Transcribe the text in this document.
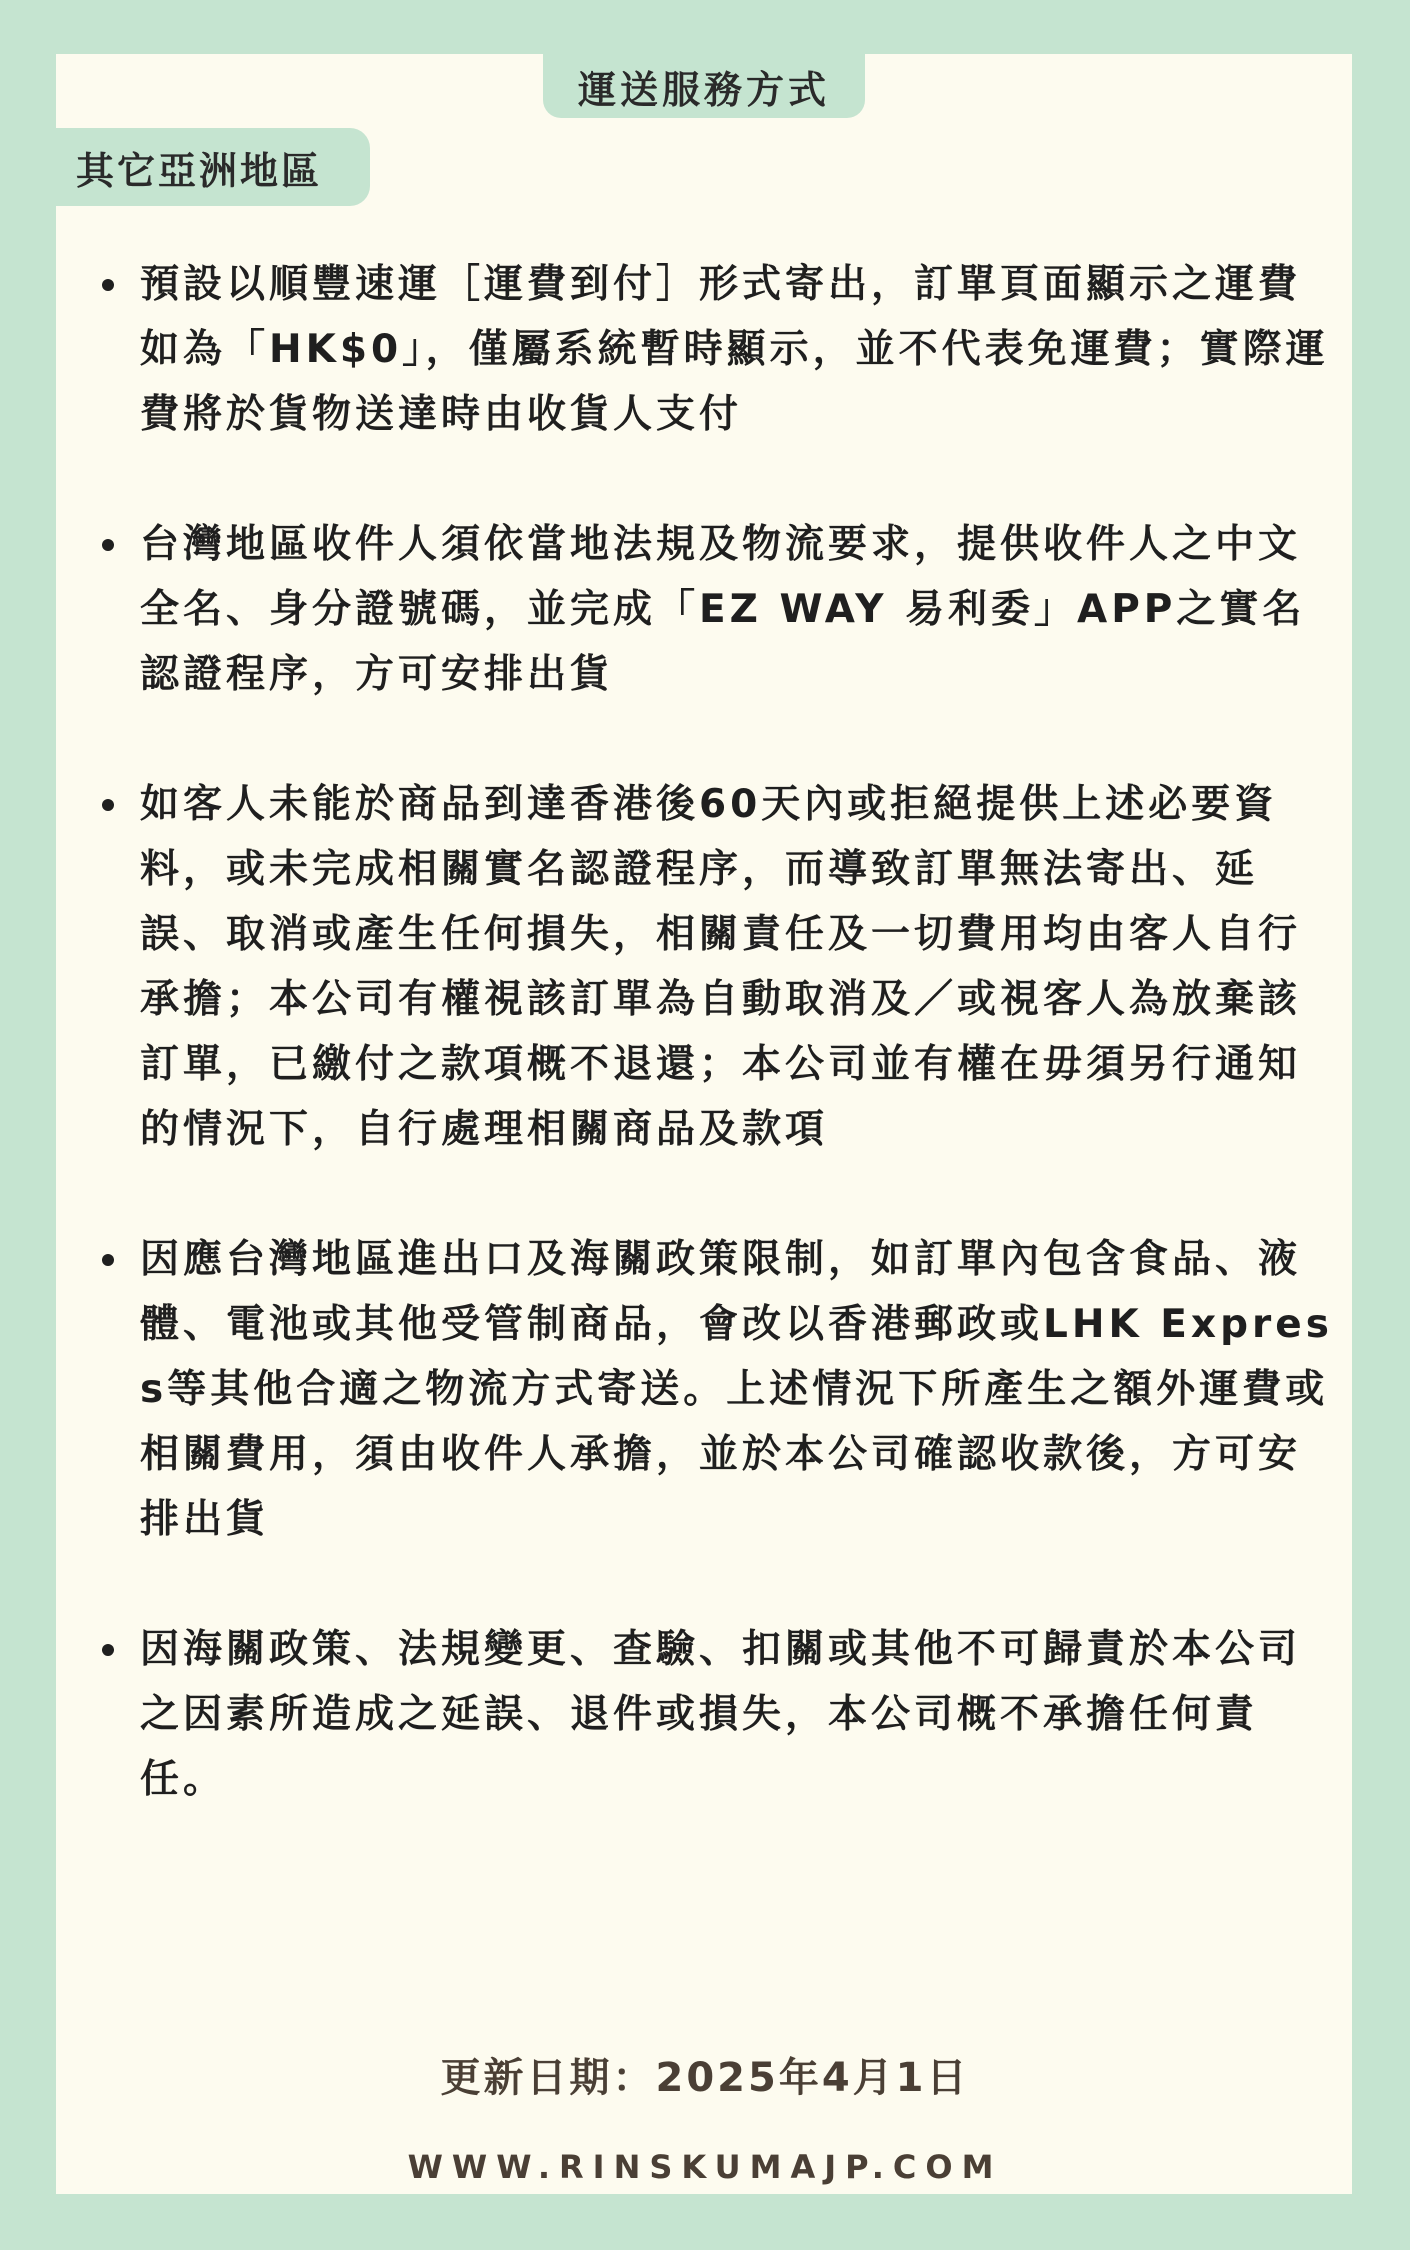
運送服務方式
其它亞洲地區
預設以順豐速運［運費到付］形式寄出，訂單頁面顯示之運費如為「HK$0」，僅屬系統暫時顯示，並不代表免運費；實際運費將於貨物送達時由收貨人支付
台灣地區收件人須依當地法規及物流要求，提供收件人之中文全名、身分證號碼，並完成「EZ WAY 易利委」APP之實名認證程序，方可安排出貨
如客人未能於商品到達香港後60天內或拒絕提供上述必要資料，或未完成相關實名認證程序，而導致訂單無法寄出、延誤、取消或產生任何損失，相關責任及一切費用均由客人自行承擔；本公司有權視該訂單為自動取消及／或視客人為放棄該訂單，已繳付之款項概不退還；本公司並有權在毋須另行通知的情況下，自行處理相關商品及款項
因應台灣地區進出口及海關政策限制，如訂單內包含食品、液體、電池或其他受管制商品，會改以香港郵政或LHK Express等其他合適之物流方式寄送。上述情況下所產生之額外運費或相關費用，須由收件人承擔，並於本公司確認收款後，方可安排出貨
因海關政策、法規變更、查驗、扣關或其他不可歸責於本公司之因素所造成之延誤、退件或損失，本公司概不承擔任何責任。
更新日期：2025年4月1日
WWW.RINSKUMAJP.COM
